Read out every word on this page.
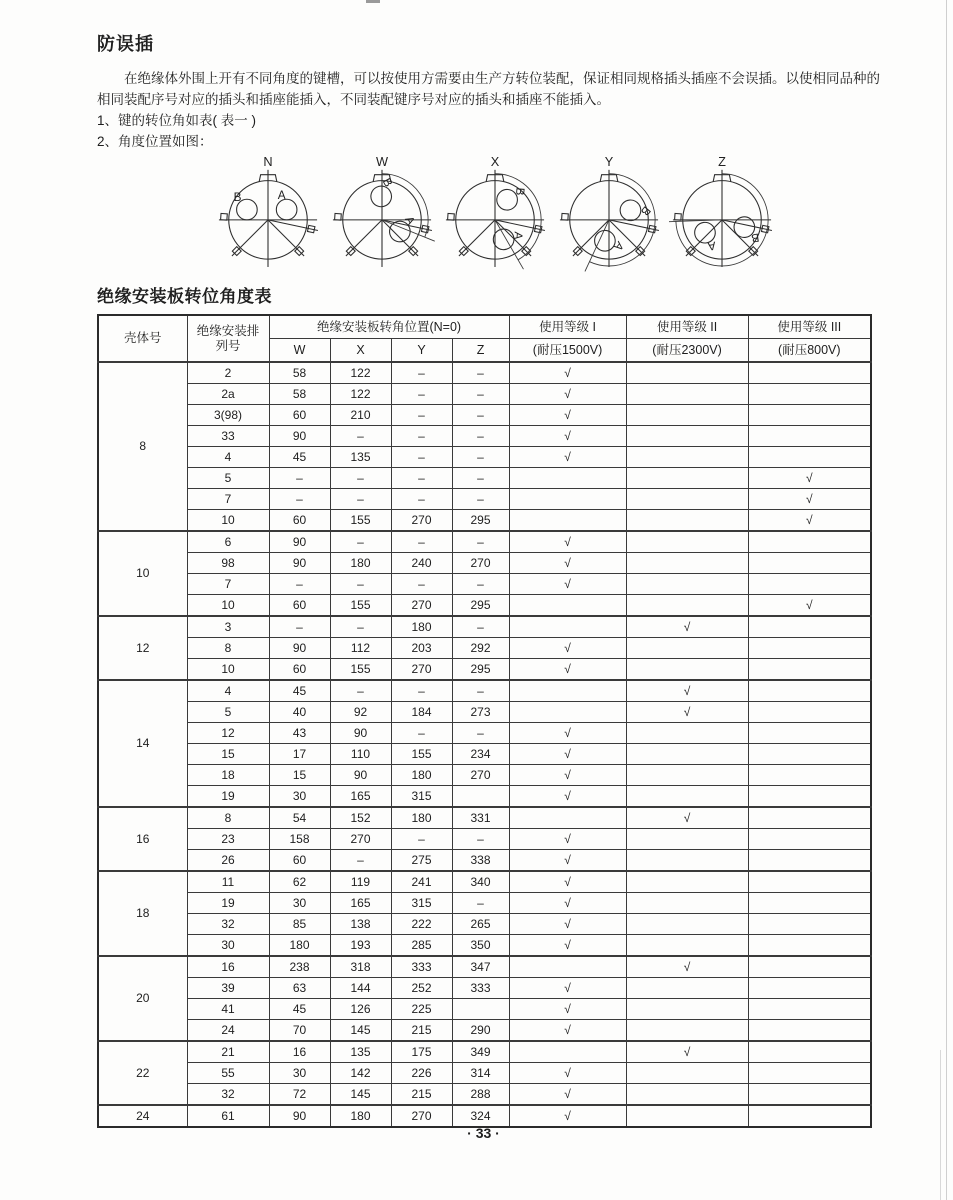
防误插

在绝缘体外围上开有不同角度的键槽，可以按使用方需要由生产方转位装配，保证相同规格插头插座不会误插。以使相同品种的相同装配序号对应的插头和插座能插入，不同装配键序号对应的插头和插座不能插入。

1、键的转位角如表( 表一 )

2、角度位置如图：

N
B	A
W
B
A
X
B
A
Y
B
A
Z
B
A
绝缘安装板转位角度表
壳体号	绝缘安装排
列号	绝缘安装板转角位置(N=0)				使用等级 I	使用等级 II	使用等级 III
		W	X	Y	Z	(耐压1500V)	(耐压2300V)	(耐压800V)
8	2	58	122	–	–	√		
	2a	58	122	–	–	√		
	3(98)	60	210	–	–	√		
	33	90	–	–	–	√		
	4	45	135	–	–	√		
	5	–	–	–	–			√
	7	–	–	–	–			√
	10	60	155	270	295			√
10	6	90	–	–	–	√		
	98	90	180	240	270	√		
	7	–	–	–	–	√		
	10	60	155	270	295			√
12	3	–	–	180	–		√	
	8	90	112	203	292	√		
	10	60	155	270	295	√		
14	4	45	–	–	–		√	
	5	40	92	184	273		√	
	12	43	90	–	–	√		
	15	17	110	155	234	√		
	18	15	90	180	270	√		
	19	30	165	315		√		
16	8	54	152	180	331		√	
	23	158	270	–	–	√		
	26	60	–	275	338	√		
18	11	62	119	241	340	√		
	19	30	165	315	–	√		
	32	85	138	222	265	√		
	30	180	193	285	350	√		
20	16	238	318	333	347		√	
	39	63	144	252	333	√		
	41	45	126	225		√		
	24	70	145	215	290	√		
22	21	16	135	175	349		√	
	55	30	142	226	314	√		
	32	72	145	215	288	√		
24	61	90	180	270	324	√		
· 33 ·
